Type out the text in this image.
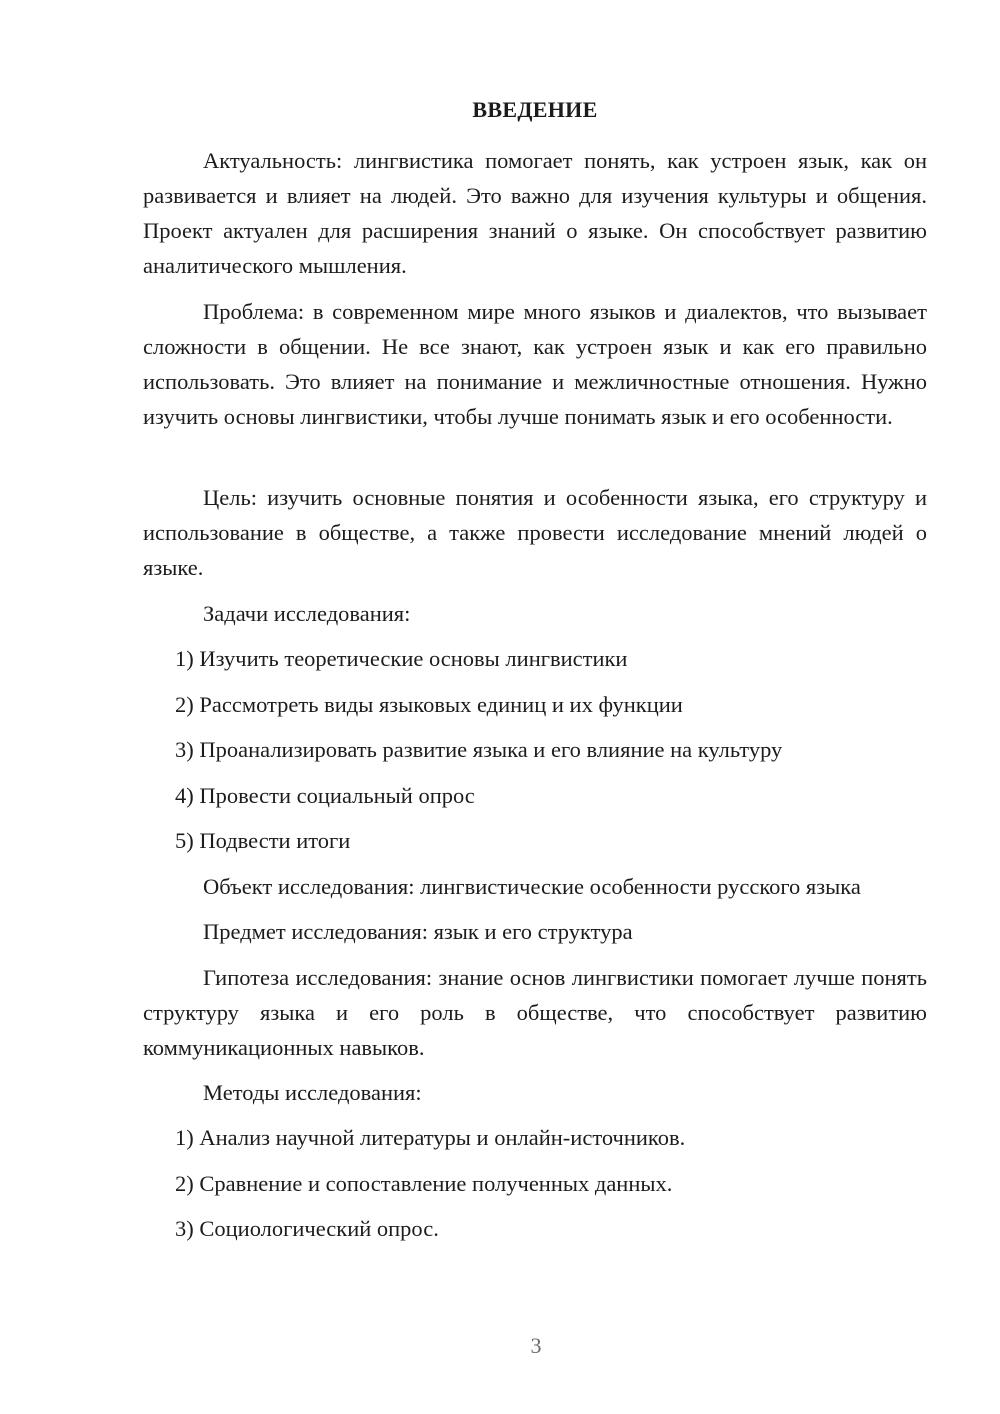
ВВЕДЕНИЕ

Актуальность: лингвистика помогает понять, как устроен язык, как он развивается и влияет на людей. Это важно для изучения культуры и общения. Проект актуален для расширения знаний о языке. Он способствует развитию аналитического мышления.

Проблема: в современном мире много языков и диалектов, что вызывает сложности в общении. Не все знают, как устроен язык и как его правильно использовать. Это влияет на понимание и межличностные отношения. Нужно изучить основы лингвистики, чтобы лучше понимать язык и его особенности.

Цель: изучить основные понятия и особенности языка, его структуру и использование в обществе, а также провести исследование мнений людей о языке.

Задачи исследования:

1) Изучить теоретические основы лингвистики

2) Рассмотреть виды языковых единиц и их функции

3) Проанализировать развитие языка и его влияние на культуру

4) Провести социальный опрос

5) Подвести итоги

Объект исследования: лингвистические особенности русского языка

Предмет исследования: язык и его структура

Гипотеза исследования: знание основ лингвистики помогает лучше понять структуру языка и его роль в обществе, что способствует развитию коммуникационных навыков.

Методы исследования:

1) Анализ научной литературы и онлайн-источников.

2) Сравнение и сопоставление полученных данных.

3) Социологический опрос.

3
